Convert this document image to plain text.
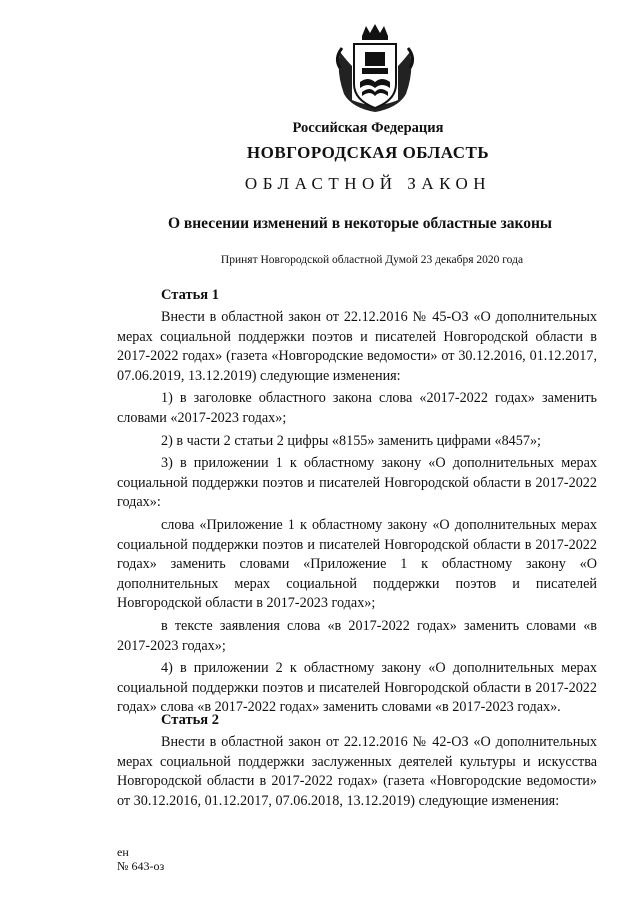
Российская Федерация

НОВГОРОДСКАЯ ОБЛАСТЬ

ОБЛАСТНОЙ ЗАКОН

О внесении изменений в некоторые областные законы

Принят Новгородской областной Думой 23 декабря 2020 года

Статья 1

Внести в областной закон от 22.12.2016 № 45-ОЗ «О дополнительных мерах социальной поддержки поэтов и писателей Новгородской области в 2017-2022 годах» (газета «Новгородские ведомости» от 30.12.2016, 01.12.2017, 07.06.2019, 13.12.2019) следующие изменения:

1) в заголовке областного закона слова «2017-2022 годах» заменить словами «2017-2023 годах»;

2) в части 2 статьи 2 цифры «8155» заменить цифрами «8457»;

3) в приложении 1 к областному закону «О дополнительных мерах социальной поддержки поэтов и писателей Новгородской области в 2017-2022 годах»:

слова «Приложение 1 к областному закону «О дополнительных мерах социальной поддержки поэтов и писателей Новгородской области в 2017-2022 годах» заменить словами «Приложение 1 к областному закону «О дополнительных мерах социальной поддержки поэтов и писателей Новгородской области в 2017-2023 годах»;

в тексте заявления слова «в 2017-2022 годах» заменить словами «в 2017-2023 годах»;

4) в приложении 2 к областному закону «О дополнительных мерах социальной поддержки поэтов и писателей Новгородской области в 2017-2022 годах» слова «в 2017-2022 годах» заменить словами «в 2017-2023 годах».

Статья 2

Внести в областной закон от 22.12.2016 № 42-ОЗ «О дополнительных мерах социальной поддержки заслуженных деятелей культуры и искусства Новгородской области в 2017-2022 годах» (газета «Новгородские ведомости» от 30.12.2016, 01.12.2017, 07.06.2018, 13.12.2019) следующие изменения:

ен
№ 643-оз
